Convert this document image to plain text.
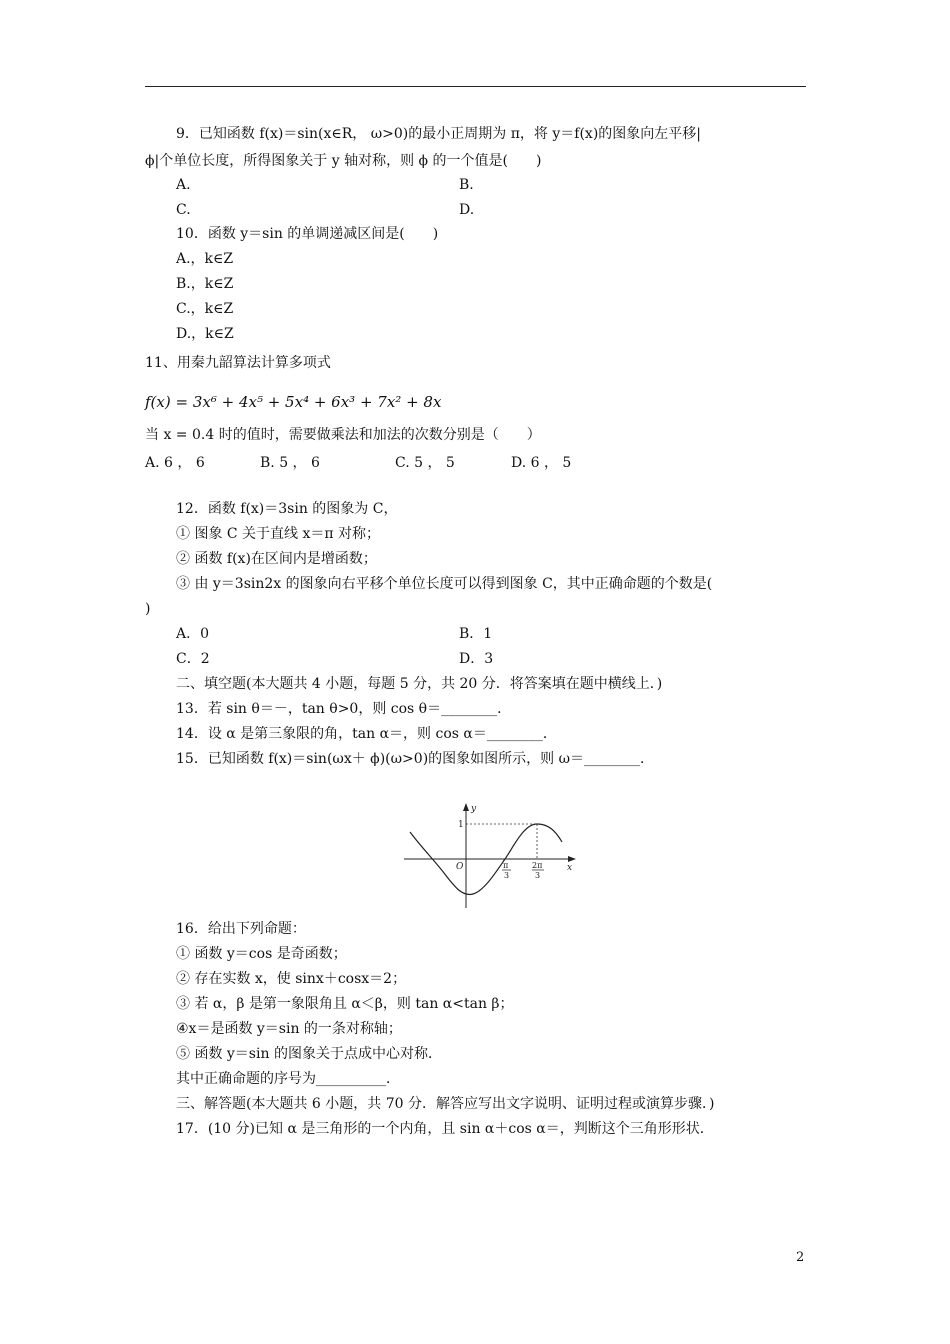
9．已知函数 f(x)＝sin(x∈R， ω>0)的最小正周期为 π，将 y＝f(x)的图象向左平移|
ϕ|个单位长度，所得图象关于 y 轴对称，则 ϕ 的一个值是(　　)
A.	B.
C.	D.
10．函数 y＝sin 的单调递减区间是(　　)
A.，k∈Z
B.，k∈Z
C.，k∈Z
D.，k∈Z
11、用秦九韶算法计算多项式
f(x) = 3x⁶ + 4x⁵ + 5x⁴ + 6x³ + 7x² + 8x
当 x = 0.4 时的值时，需要做乘法和加法的次数分别是（　　）
A. 6 ， 6	B. 5 ， 6	C. 5 ， 5	D. 6 ， 5
12．函数 f(x)＝3sin 的图象为 C，
① 图象 C 关于直线 x＝π 对称；
② 函数 f(x)在区间内是增函数；
③ 由 y＝3sin2x 的图象向右平移个单位长度可以得到图象 C，其中正确命题的个数是(
)
A．0	B．1
C．2	D．3
二、填空题(本大题共 4 小题，每题 5 分，共 20 分．将答案填在题中横线上．)
13．若 sin θ＝－，tan θ>0，则 cos θ＝________．
14．设 α 是第三象限的角，tan α＝，则 cos α＝________．
15．已知函数 f(x)＝sin(ωx＋ ϕ)(ω>0)的图象如图所示，则 ω＝________．
y
1
O	x
π
3
2π
3
16．给出下列命题：
① 函数 y＝cos 是奇函数；
② 存在实数 x，使 sinx＋cosx＝2；
③ 若 α，β 是第一象限角且 α＜β，则 tan α<tan β；
④x＝是函数 y＝sin 的一条对称轴；
⑤ 函数 y＝sin 的图象关于点成中心对称．
其中正确命题的序号为__________．
三、解答题(本大题共 6 小题，共 70 分．解答应写出文字说明、证明过程或演算步骤．)
17．(10 分)已知 α 是三角形的一个内角，且 sin α＋cos α＝，判断这个三角形形状．
2
